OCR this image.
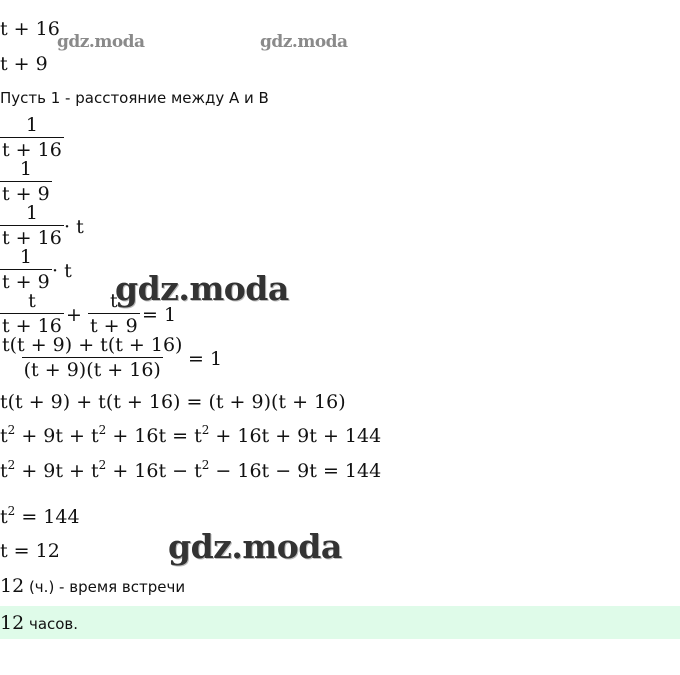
t + 16
gdz.moda	gdz.moda
t + 9
Пусть 1 - расстояние между А и В
$\frac{1}{t + 16}$
$\frac{1}{t + 9}$
$\frac{1}{t + 16} \cdot t$
$\frac{1}{t + 9} \cdot t$ gdz.moda
$\frac{t}{t + 16} + \frac{t}{t + 9} = 1$
$\frac{t(t + 9) + t(t + 16)}{(t + 9)(t + 16)} = 1$
t(t + 9) + t(t + 16) = (t + 9)(t + 16)
$t^2 + 9t + t^2 + 16t = t^2 + 16t + 9t + 144$
$t^2 + 9t + t^2 + 16t - t^2 - 16t - 9t = 144$
$t^2 = 144$
t = 12	gdz.moda
12 (ч.) - время встречи
12 часов.
